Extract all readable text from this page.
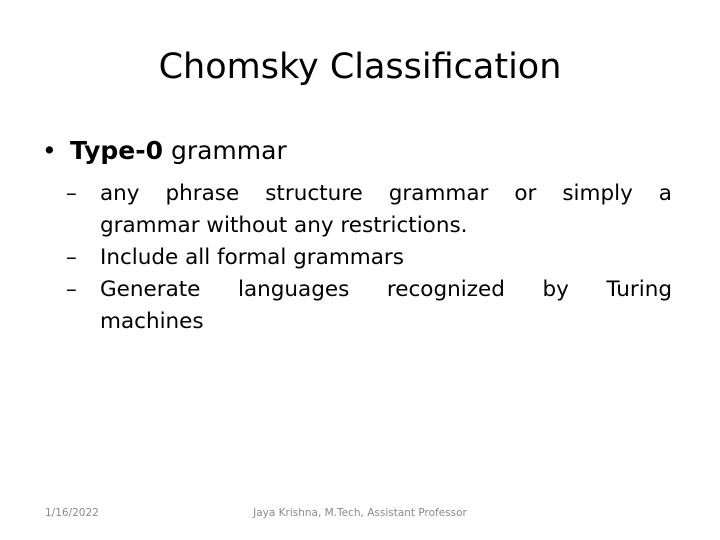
Chomsky Classification
• Type-0 grammar
– any phrase structure grammar or simply a
grammar without any restrictions.
– Include all formal grammars
– Generate languages recognized by Turing
machines
1/16/2022	Jaya Krishna, M.Tech, Assistant Professor
